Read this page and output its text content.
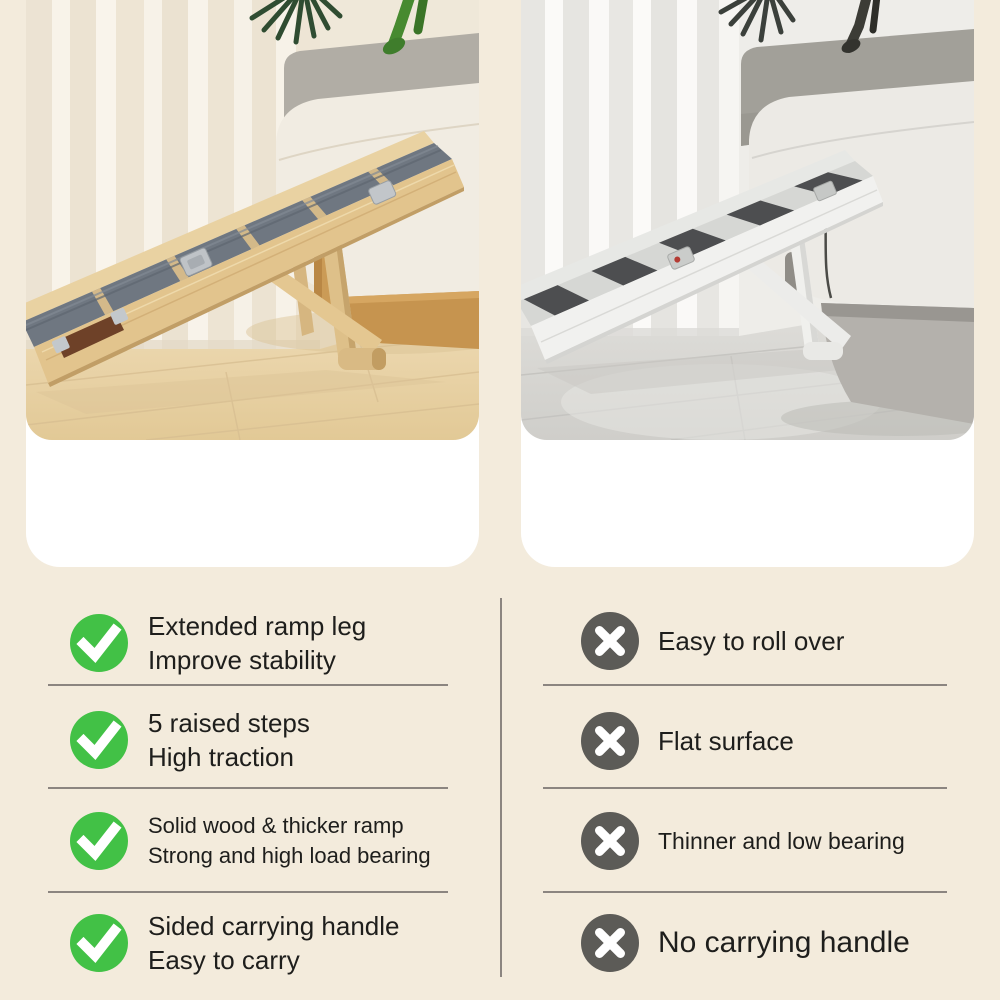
Extended ramp leg
Improve stability
5 raised steps
High traction
Solid wood & thicker ramp
Strong and high load bearing
Sided carrying handle
Easy to carry
Easy to roll over
Flat surface
Thinner and low bearing
No carrying handle
